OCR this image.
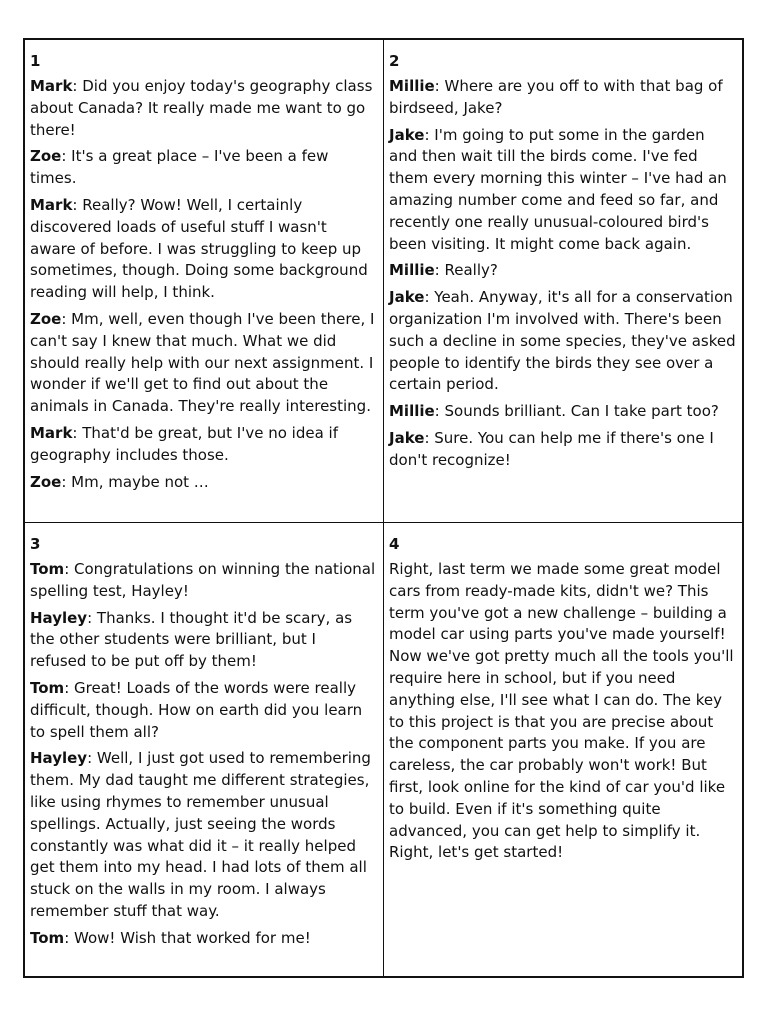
1
Mark: Did you enjoy today's geography class about Canada? It really made me want to go there!
Zoe: It's a great place – I've been a few times.
Mark: Really? Wow! Well, I certainly discovered loads of useful stuff I wasn't aware of before. I was struggling to keep up sometimes, though. Doing some background reading will help, I think.
Zoe: Mm, well, even though I've been there, I can't say I knew that much. What we did should really help with our next assignment. I wonder if we'll get to find out about the animals in Canada. They're really interesting.
Mark: That'd be great, but I've no idea if geography includes those.
Zoe: Mm, maybe not …
2
Millie: Where are you off to with that bag of birdseed, Jake?
Jake: I'm going to put some in the garden and then wait till the birds come. I've fed them every morning this winter – I've had an amazing number come and feed so far, and recently one really unusual-coloured bird's been visiting. It might come back again.
Millie: Really?
Jake: Yeah. Anyway, it's all for a conservation organization I'm involved with. There's been such a decline in some species, they've asked people to identify the birds they see over a certain period.
Millie: Sounds brilliant. Can I take part too?
Jake: Sure. You can help me if there's one I don't recognize!
3
Tom: Congratulations on winning the national spelling test, Hayley!
Hayley: Thanks. I thought it'd be scary, as the other students were brilliant, but I refused to be put off by them!
Tom: Great! Loads of the words were really difficult, though. How on earth did you learn to spell them all?
Hayley: Well, I just got used to remembering them. My dad taught me different strategies, like using rhymes to remember unusual spellings. Actually, just seeing the words constantly was what did it – it really helped get them into my head. I had lots of them all stuck on the walls in my room. I always remember stuff that way.
Tom: Wow! Wish that worked for me!
4

Right, last term we made some great model cars from ready-made kits, didn't we? This term you've got a new challenge – building a model car using parts you've made yourself! Now we've got pretty much all the tools you'll require here in school, but if you need anything else, I'll see what I can do. The key to this project is that you are precise about the component parts you make. If you are careless, the car probably won't work! But first, look online for the kind of car you'd like to build. Even if it's something quite advanced, you can get help to simplify it. Right, let's get started!
